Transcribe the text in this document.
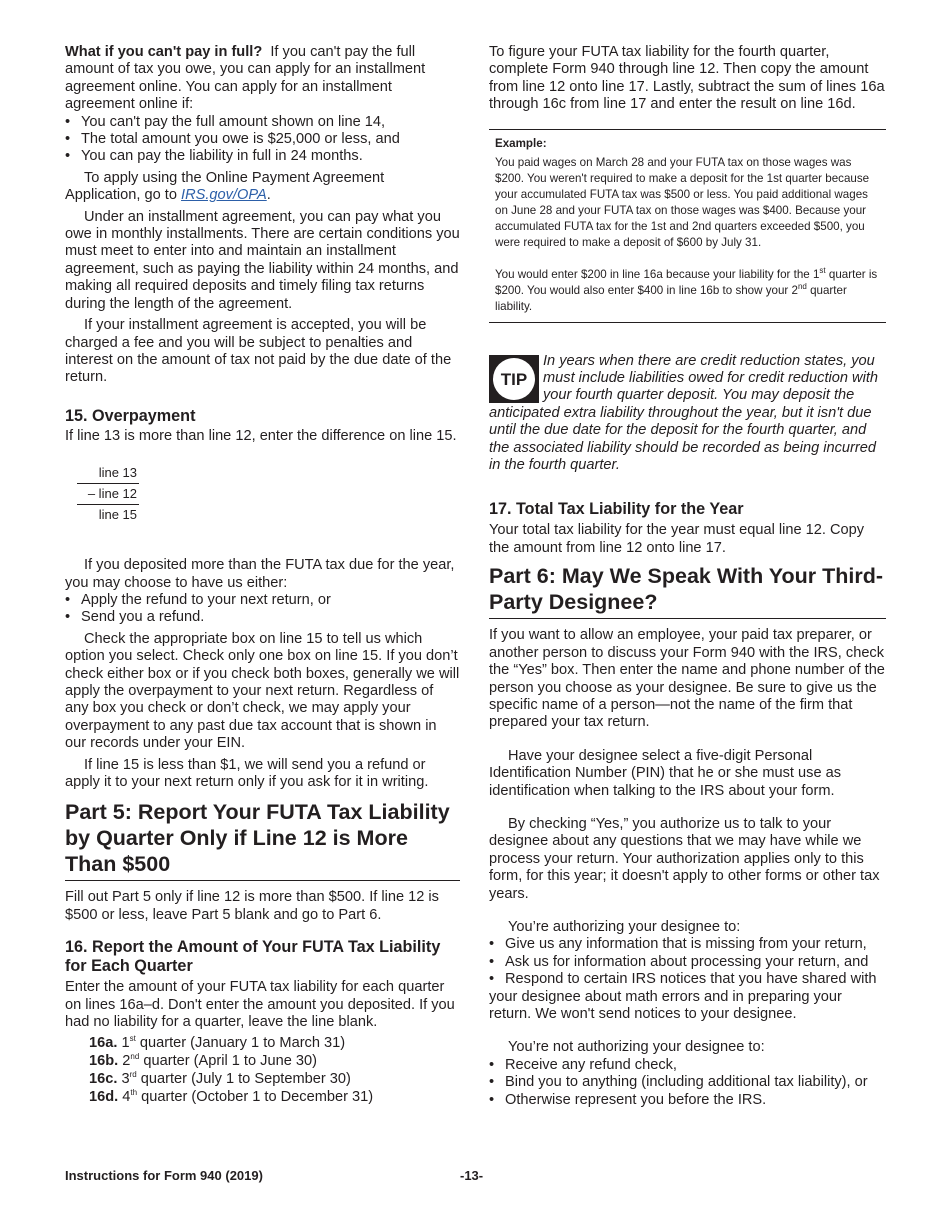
What if you can't pay in full? If you can't pay the full amount of tax you owe, you can apply for an installment agreement online. You can apply for an installment agreement online if:

• You can't pay the full amount shown on line 14,
• The total amount you owe is $25,000 or less, and
• You can pay the liability in full in 24 months.

To apply using the Online Payment Agreement Application, go to IRS.gov/OPA.

Under an installment agreement, you can pay what you owe in monthly installments. There are certain conditions you must meet to enter into and maintain an installment agreement, such as paying the liability within 24 months, and making all required deposits and timely filing tax returns during the length of the agreement.

If your installment agreement is accepted, you will be charged a fee and you will be subject to penalties and interest on the amount of tax not paid by the due date of the return.

15. Overpayment

If line 13 is more than line 12, enter the difference on line 15.

line 13
– line 12
line 15

If you deposited more than the FUTA tax due for the year, you may choose to have us either:

• Apply the refund to your next return, or
• Send you a refund.

Check the appropriate box on line 15 to tell us which option you select. Check only one box on line 15. If you don’t check either box or if you check both boxes, generally we will apply the overpayment to your next return. Regardless of any box you check or don’t check, we may apply your overpayment to any past due tax account that is shown in our records under your EIN.

If line 15 is less than $1, we will send you a refund or apply it to your next return only if you ask for it in writing.

Part 5: Report Your FUTA Tax Liability by Quarter Only if Line 12 is More Than $500

Fill out Part 5 only if line 12 is more than $500. If line 12 is $500 or less, leave Part 5 blank and go to Part 6.

16. Report the Amount of Your FUTA Tax Liability for Each Quarter

Enter the amount of your FUTA tax liability for each quarter on lines 16a–d. Don't enter the amount you deposited. If you had no liability for a quarter, leave the line blank.

16a. 1st quarter (January 1 to March 31)
16b. 2nd quarter (April 1 to June 30)
16c. 3rd quarter (July 1 to September 30)
16d. 4th quarter (October 1 to December 31)

To figure your FUTA tax liability for the fourth quarter, complete Form 940 through line 12. Then copy the amount from line 12 onto line 17. Lastly, subtract the sum of lines 16a through 16c from line 17 and enter the result on line 16d.

Example:

You paid wages on March 28 and your FUTA tax on those wages was $200. You weren't required to make a deposit for the 1st quarter because your accumulated FUTA tax was $500 or less. You paid additional wages on June 28 and your FUTA tax on those wages was $400. Because your accumulated FUTA tax for the 1st and 2nd quarters exceeded $500, you were required to make a deposit of $600 by July 31.

You would enter $200 in line 16a because your liability for the 1st quarter is $200. You would also enter $400 in line 16b to show your 2nd quarter liability.

TIP

In years when there are credit reduction states, you must include liabilities owed for credit reduction with your fourth quarter deposit. You may deposit the anticipated extra liability throughout the year, but it isn't due until the due date for the deposit for the fourth quarter, and the associated liability should be recorded as being incurred in the fourth quarter.

17. Total Tax Liability for the Year

Your total tax liability for the year must equal line 12. Copy the amount from line 12 onto line 17.

Part 6: May We Speak With Your Third-Party Designee?

If you want to allow an employee, your paid tax preparer, or another person to discuss your Form 940 with the IRS, check the “Yes” box. Then enter the name and phone number of the person you choose as your designee. Be sure to give us the specific name of a person—not the name of the firm that prepared your tax return.

Have your designee select a five-digit Personal Identification Number (PIN) that he or she must use as identification when talking to the IRS about your form.

By checking “Yes,” you authorize us to talk to your designee about any questions that we may have while we process your return. Your authorization applies only to this form, for this year; it doesn't apply to other forms or other tax years.

You’re authorizing your designee to:

• Give us any information that is missing from your return,
• Ask us for information about processing your return, and
• Respond to certain IRS notices that you have shared with your designee about math errors and in preparing your return. We won't send notices to your designee.

You’re not authorizing your designee to:

• Receive any refund check,
• Bind you to anything (including additional tax liability), or
• Otherwise represent you before the IRS.
Instructions for Form 940 (2019)	-13-
